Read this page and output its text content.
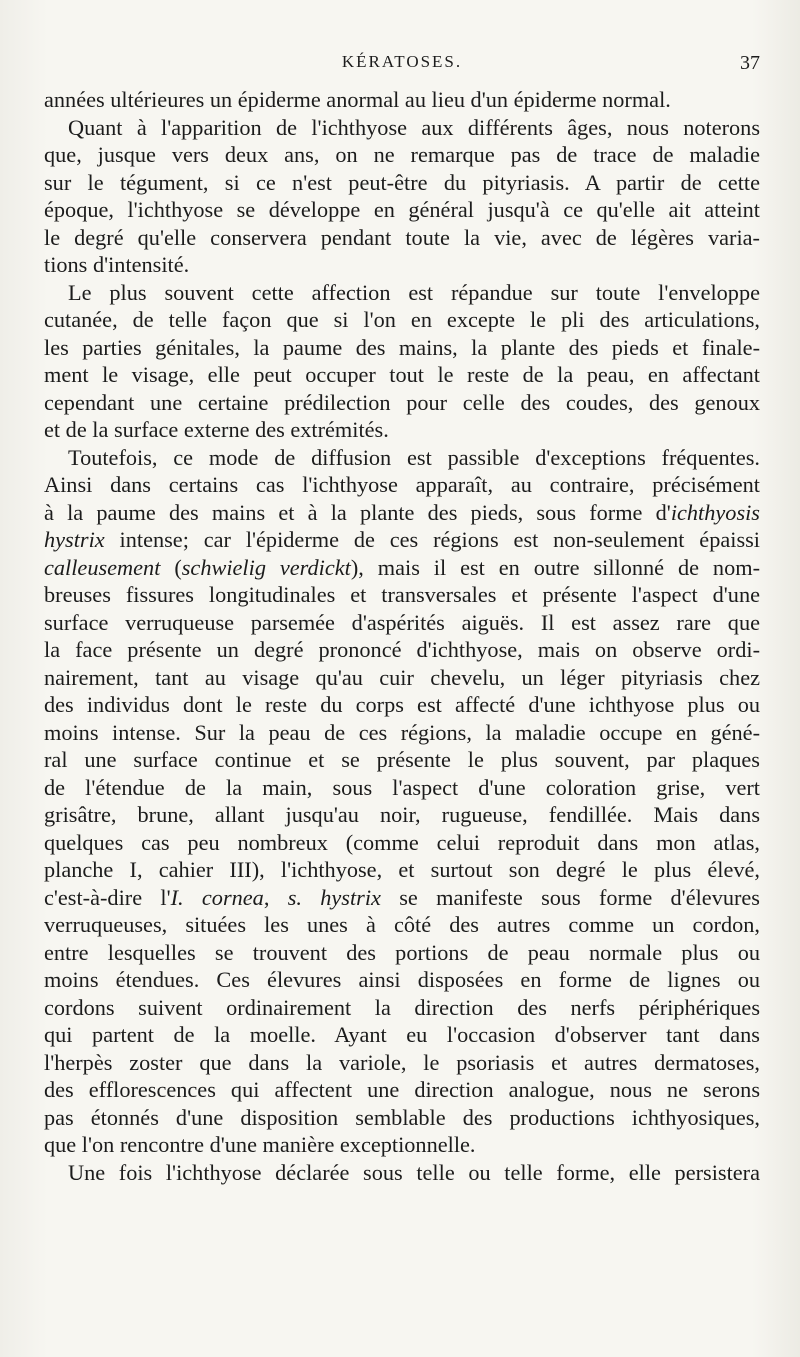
KÉRATOSES.	37

années ultérieures un épiderme anormal au lieu d'un épiderme normal.

Quant à l'apparition de l'ichthyose aux différents âges, nous noterons
que, jusque vers deux ans, on ne remarque pas de trace de maladie
sur le tégument, si ce n'est peut-être du pityriasis. A partir de cette
époque, l'ichthyose se développe en général jusqu'à ce qu'elle ait atteint
le degré qu'elle conservera pendant toute la vie, avec de légères varia-
tions d'intensité.

Le plus souvent cette affection est répandue sur toute l'enveloppe
cutanée, de telle façon que si l'on en excepte le pli des articulations,
les parties génitales, la paume des mains, la plante des pieds et finale-
ment le visage, elle peut occuper tout le reste de la peau, en affectant
cependant une certaine prédilection pour celle des coudes, des genoux
et de la surface externe des extrémités.

Toutefois, ce mode de diffusion est passible d'exceptions fréquentes.
Ainsi dans certains cas l'ichthyose apparaît, au contraire, précisément
à la paume des mains et à la plante des pieds, sous forme d'ichthyosis
hystrix intense; car l'épiderme de ces régions est non-seulement épaissi
calleusement (schwielig verdickt), mais il est en outre sillonné de nom-
breuses fissures longitudinales et transversales et présente l'aspect d'une
surface verruqueuse parsemée d'aspérités aiguës. Il est assez rare que
la face présente un degré prononcé d'ichthyose, mais on observe ordi-
nairement, tant au visage qu'au cuir chevelu, un léger pityriasis chez
des individus dont le reste du corps est affecté d'une ichthyose plus ou
moins intense. Sur la peau de ces régions, la maladie occupe en géné-
ral une surface continue et se présente le plus souvent, par plaques
de l'étendue de la main, sous l'aspect d'une coloration grise, vert
grisâtre, brune, allant jusqu'au noir, rugueuse, fendillée. Mais dans
quelques cas peu nombreux (comme celui reproduit dans mon atlas,
planche I, cahier III), l'ichthyose, et surtout son degré le plus élevé,
c'est-à-dire l'I. cornea, s. hystrix se manifeste sous forme d'élevures
verruqueuses, situées les unes à côté des autres comme un cordon,
entre lesquelles se trouvent des portions de peau normale plus ou
moins étendues. Ces élevures ainsi disposées en forme de lignes ou
cordons suivent ordinairement la direction des nerfs périphériques
qui partent de la moelle. Ayant eu l'occasion d'observer tant dans
l'herpès zoster que dans la variole, le psoriasis et autres dermatoses,
des efflorescences qui affectent une direction analogue, nous ne serons
pas étonnés d'une disposition semblable des productions ichthyosiques,
que l'on rencontre d'une manière exceptionnelle.

Une fois l'ichthyose déclarée sous telle ou telle forme, elle persistera
